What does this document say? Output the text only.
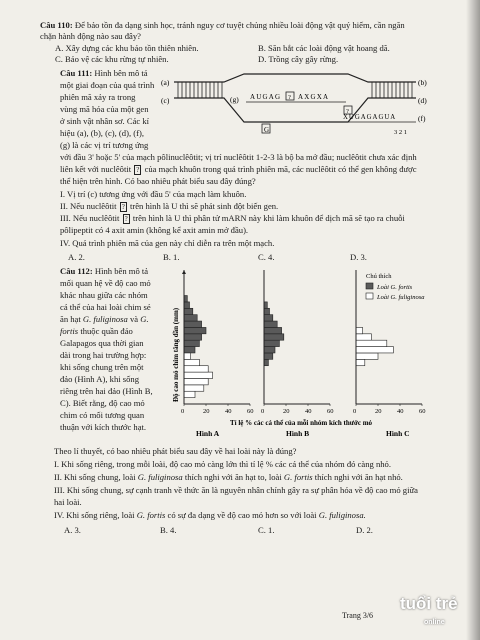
Câu 110: Để bảo tồn đa dạng sinh học, tránh nguy cơ tuyệt chủng nhiều loài động vật quý hiếm, cần ngăn
chặn hành động nào sau đây?
A. Xây dựng các khu bảo tồn thiên nhiên.	B. Săn bắt các loài động vật hoang dã.
C. Bảo vệ các khu rừng tự nhiên.	D. Trồng cây gây rừng.
Câu 111: Hình bên mô tả
một giai đoạn của quá trình
phiên mã xảy ra trong
vùng mã hóa của một gen
ở sinh vật nhân sơ. Các kí
hiệu (a), (b), (c), (d), (f),
(g) là các vị trí tương ứng
AUGAG ? AXGXA
?
G
(a)
(c)
(b)
(d)
(f)
(g)
XUGAGAGUA
3 2 1
với đầu 3' hoặc 5' của mạch pôlinuclêôtit; vị trí nuclêôtit 1-2-3 là bộ ba mở đầu; nuclêôtit chưa xác định
liên kết với nuclêôtit ? của mạch khuôn trong quá trình phiên mã, các nuclêôtit có thể gen không được
thể hiện trên hình. Có bao nhiêu phát biểu sau đây đúng?
I. Vị trí (c) tương ứng với đầu 5' của mạch làm khuôn.
II. Nếu nuclêôtit ? trên hình là U thì sẽ phát sinh đột biến gen.
III. Nếu nuclêôtit ? trên hình là U thì phân tử mARN này khi làm khuôn để dịch mã sẽ tạo ra chuỗi
pôlipeptit có 4 axit amin (không kể axit amin mở đầu).
IV. Quá trình phiên mã của gen này chỉ diễn ra trên một mạch.
A. 2.	B. 1.	C. 4.	D. 3.
Câu 112: Hình bên mô tả
mối quan hệ về độ cao mỏ
khác nhau giữa các nhóm
cá thể của hai loài chim sẻ
ăn hạt G. fuliginosa và G.
fortis thuộc quần đảo
Galapagos qua thời gian
dài trong hai trường hợp:
khi sống chung trên một
đảo (Hình A), khi sống
riêng trên hai đảo (Hình B,
C). Biết rằng, độ cao mỏ
chim có mối tương quan
thuận với kích thước hạt.
Độ cao mỏ chim tăng dần (mm)
0	20 40 60 0	20 40 60	0	20 40 60
Tỉ lệ % các cá thể của mỗi nhóm kích thước mỏ
Hình A	Hình B	Hình C
Chú thích
Loài G. fortis
Loài G. fuliginosa
Theo lí thuyết, có bao nhiêu phát biểu sau đây về hai loài này là đúng?
I. Khi sống riêng, trong mỗi loài, độ cao mỏ càng lớn thì tỉ lệ % các cá thể của nhóm đó càng nhỏ.
II. Khi sống chung, loài G. fuliginosa thích nghi với ăn hạt to, loài G. fortis thích nghi với ăn hạt nhỏ.
III. Khi sống chung, sự cạnh tranh về thức ăn là nguyên nhân chính gây ra sự phân hóa về độ cao mỏ giữa
hai loài.
IV. Khi sống riêng, loài G. fortis có sự đa dạng về độ cao mỏ hơn so với loài G. fuliginosa.
A. 3.	B. 4.	C. 1.	D. 2.
Trang 3/6
tuổi trẻ
online
